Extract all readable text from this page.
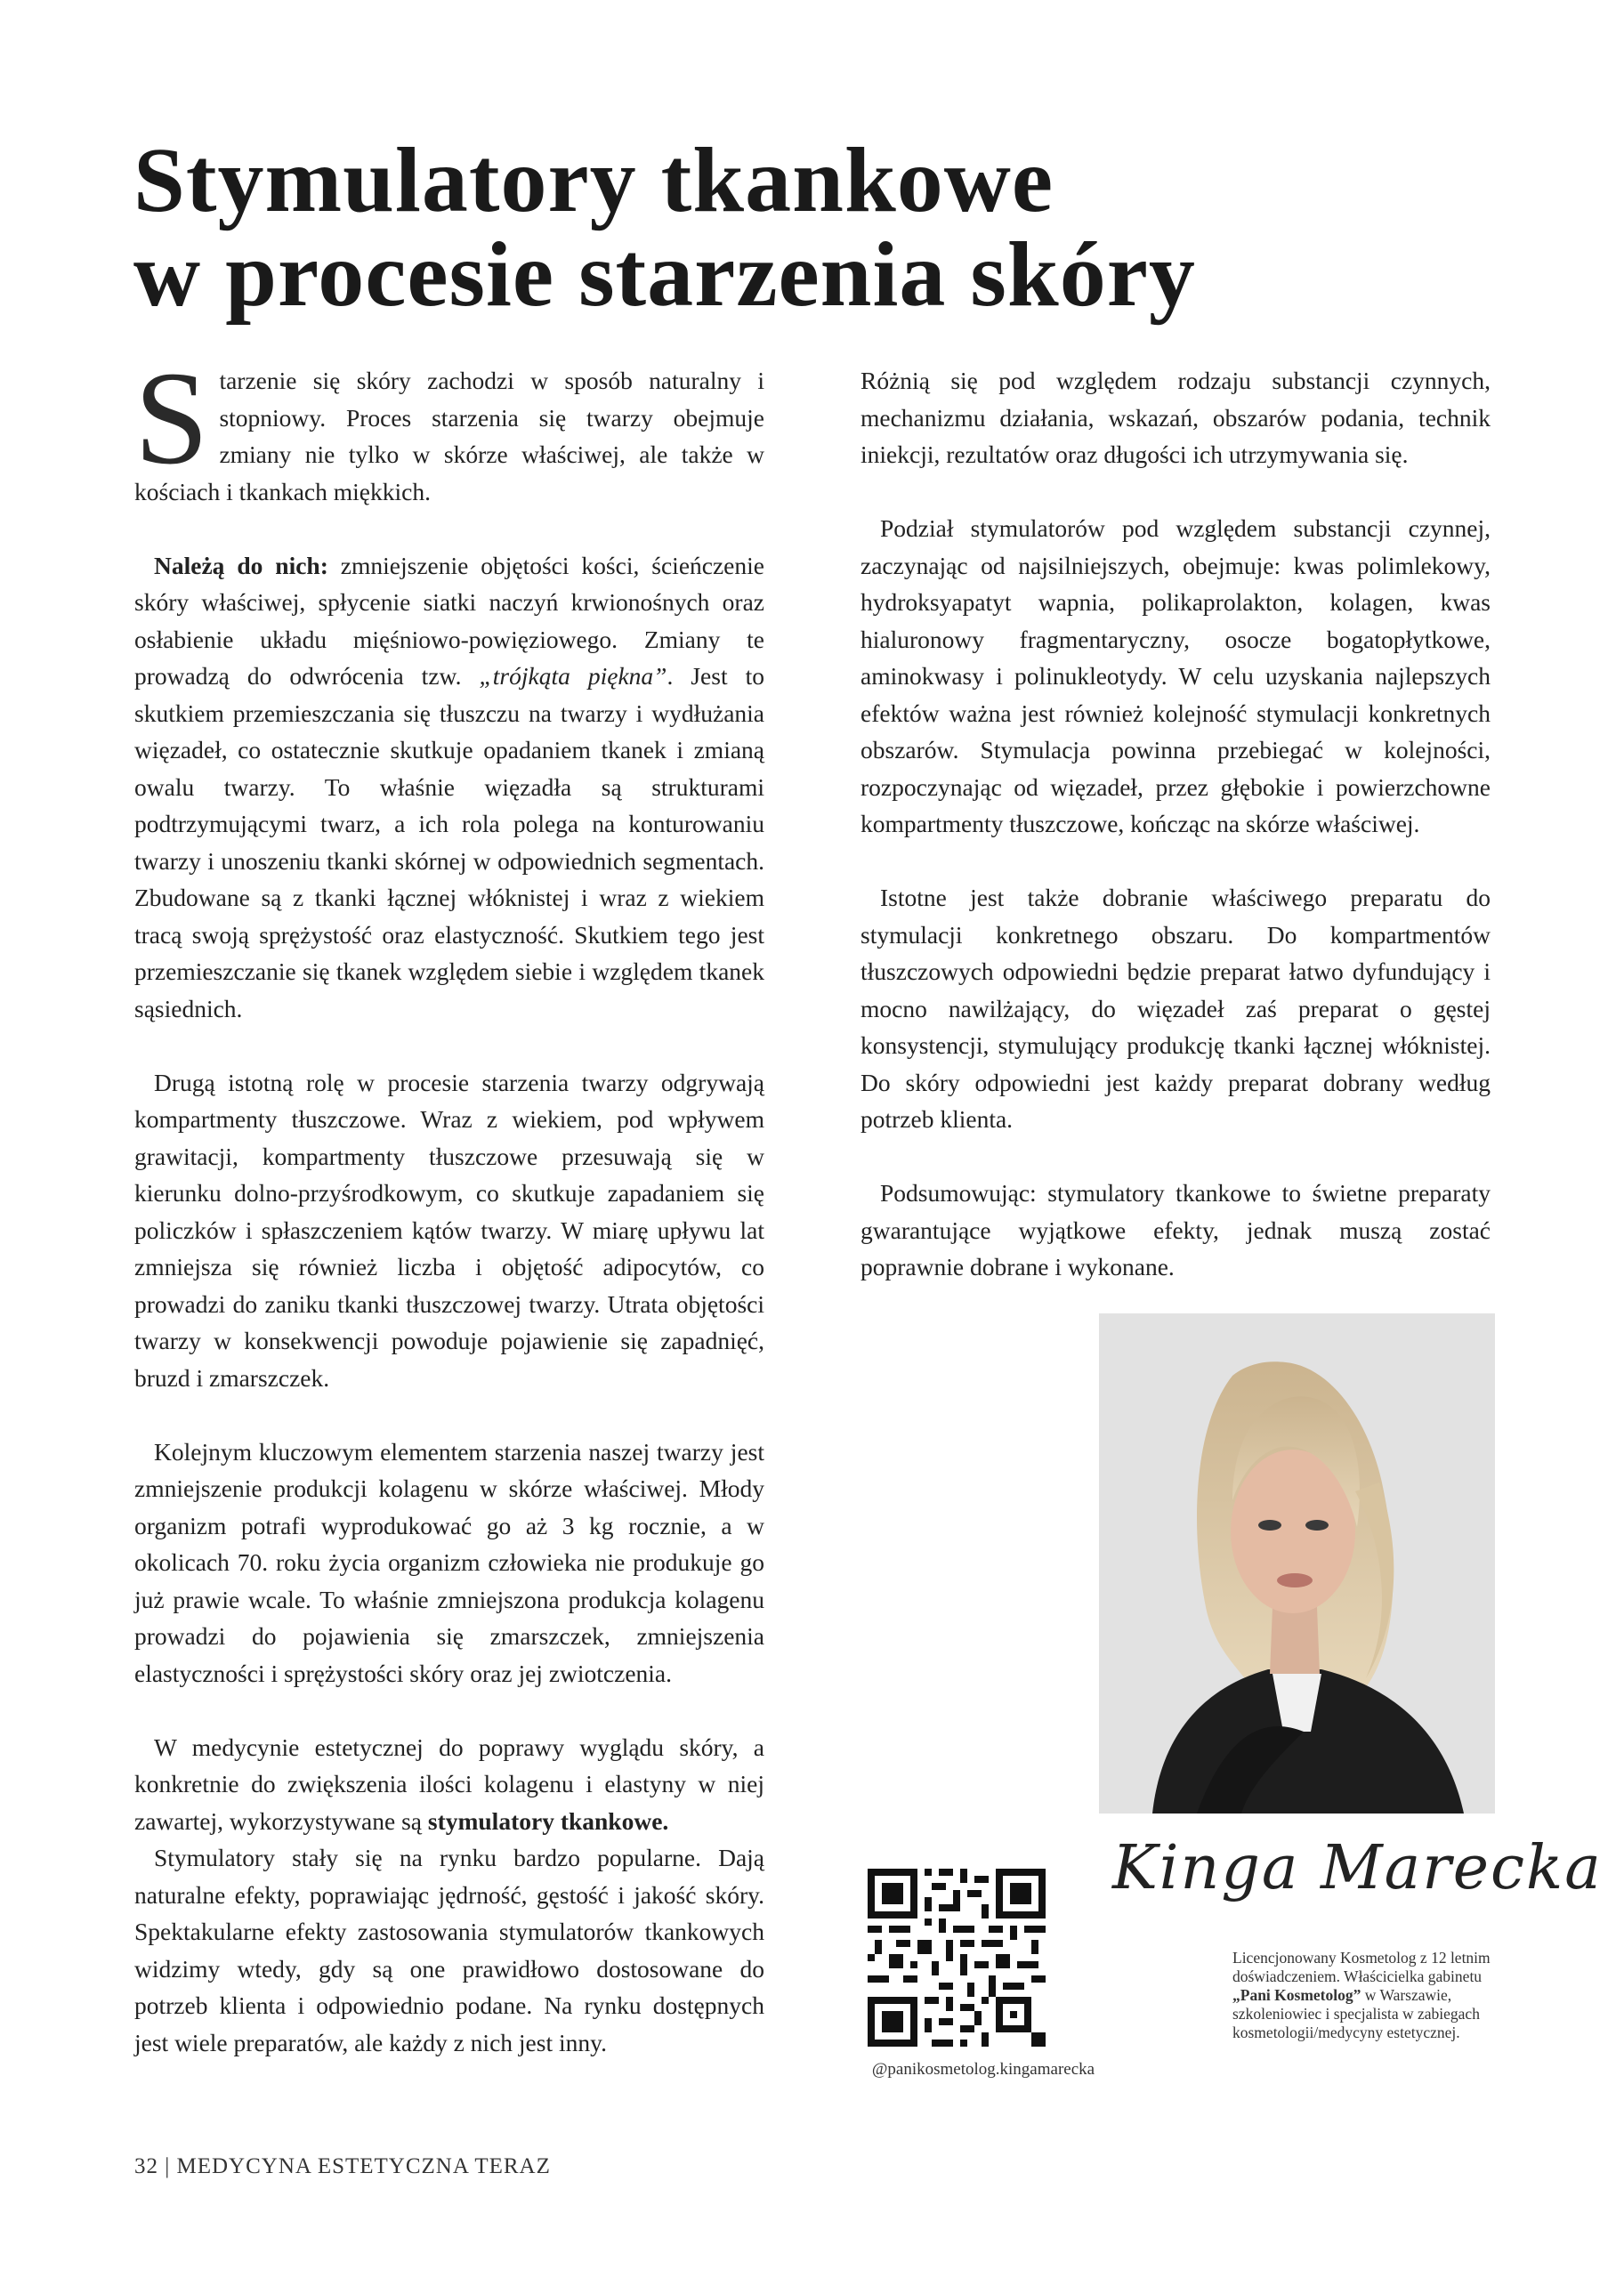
Stymulatory tkankowe
w procesie starzenia skóry

Starzenie się skóry zachodzi w sposób naturalny i stopniowy. Proces starzenia się twarzy obejmuje zmiany nie tylko w skórze właściwej, ale także w kościach i tkankach miękkich.

Należą do nich: zmniejszenie objętości kości, ścieńczenie skóry właściwej, spłycenie siatki naczyń krwionośnych oraz osłabienie układu mięśniowo-powięziowego. Zmiany te prowadzą do odwrócenia tzw. „trójkąta piękna”. Jest to skutkiem przemieszczania się tłuszczu na twarzy i wydłużania więzadeł, co ostatecznie skutkuje opadaniem tkanek i zmianą owalu twarzy. To właśnie więzadła są strukturami podtrzymującymi twarz, a ich rola polega na konturowaniu twarzy i unoszeniu tkanki skórnej w odpowiednich segmentach. Zbudowane są z tkanki łącznej włóknistej i wraz z wiekiem tracą swoją sprężystość oraz elastyczność. Skutkiem tego jest przemieszczanie się tkanek względem siebie i względem tkanek sąsiednich.

Drugą istotną rolę w procesie starzenia twarzy odgrywają kompartmenty tłuszczowe. Wraz z wiekiem, pod wpływem grawitacji, kompartmenty tłuszczowe przesuwają się w kierunku dolno-przyśrodkowym, co skutkuje zapadaniem się policzków i spłaszczeniem kątów twarzy. W miarę upływu lat zmniejsza się również liczba i objętość adipocytów, co prowadzi do zaniku tkanki tłuszczowej twarzy. Utrata objętości twarzy w konsekwencji powoduje pojawienie się zapadnięć, bruzd i zmarszczek.

Kolejnym kluczowym elementem starzenia naszej twarzy jest zmniejszenie produkcji kolagenu w skórze właściwej. Młody organizm potrafi wyprodukować go aż 3 kg rocznie, a w okolicach 70. roku życia organizm człowieka nie produkuje go już prawie wcale. To właśnie zmniejszona produkcja kolagenu prowadzi do pojawienia się zmarszczek, zmniejszenia elastyczności i sprężystości skóry oraz jej zwiotczenia.

W medycynie estetycznej do poprawy wyglądu skóry, a konkretnie do zwiększenia ilości kolagenu i elastyny w niej zawartej, wykorzystywane są stymulatory tkankowe.

Stymulatory stały się na rynku bardzo popularne. Dają naturalne efekty, poprawiając jędrność, gęstość i jakość skóry. Spektakularne efekty zastosowania stymulatorów tkankowych widzimy wtedy, gdy są one prawidłowo dostosowane do potrzeb klienta i odpowiednio podane. Na rynku dostępnych jest wiele preparatów, ale każdy z nich jest inny.

Różnią się pod względem rodzaju substancji czynnych, mechanizmu działania, wskazań, obszarów podania, technik iniekcji, rezultatów oraz długości ich utrzymywania się.

Podział stymulatorów pod względem substancji czynnej, zaczynając od najsilniejszych, obejmuje: kwas polimlekowy, hydroksyapatyt wapnia, polikaprolakton, kolagen, kwas hialuronowy fragmentaryczny, osocze bogatopłytkowe, aminokwasy i polinukleotydy. W celu uzyskania najlepszych efektów ważna jest również kolejność stymulacji konkretnych obszarów. Stymulacja powinna przebiegać w kolejności, rozpoczynając od więzadeł, przez głębokie i powierzchowne kompartmenty tłuszczowe, kończąc na skórze właściwej.

Istotne jest także dobranie właściwego preparatu do stymulacji konkretnego obszaru. Do kompartmentów tłuszczowych odpowiedni będzie preparat łatwo dyfundujący i mocno nawilżający, do więzadeł zaś preparat o gęstej konsystencji, stymulujący produkcję tkanki łącznej włóknistej. Do skóry odpowiedni jest każdy preparat dobrany według potrzeb klienta.

Podsumowując: stymulatory tkankowe to świetne preparaty gwarantujące wyjątkowe efekty, jednak muszą zostać poprawnie dobrane i wykonane.

Kinga Marecka
@panikosmetolog.kingamarecka
Licencjonowany Kosmetolog z 12 letnim doświadczeniem. Właścicielka gabinetu „Pani Kosmetolog” w Warszawie, szkoleniowiec i specjalista w zabiegach kosmetologii/medycyny estetycznej.
32 | MEDYCYNA ESTETYCZNA TERAZ
